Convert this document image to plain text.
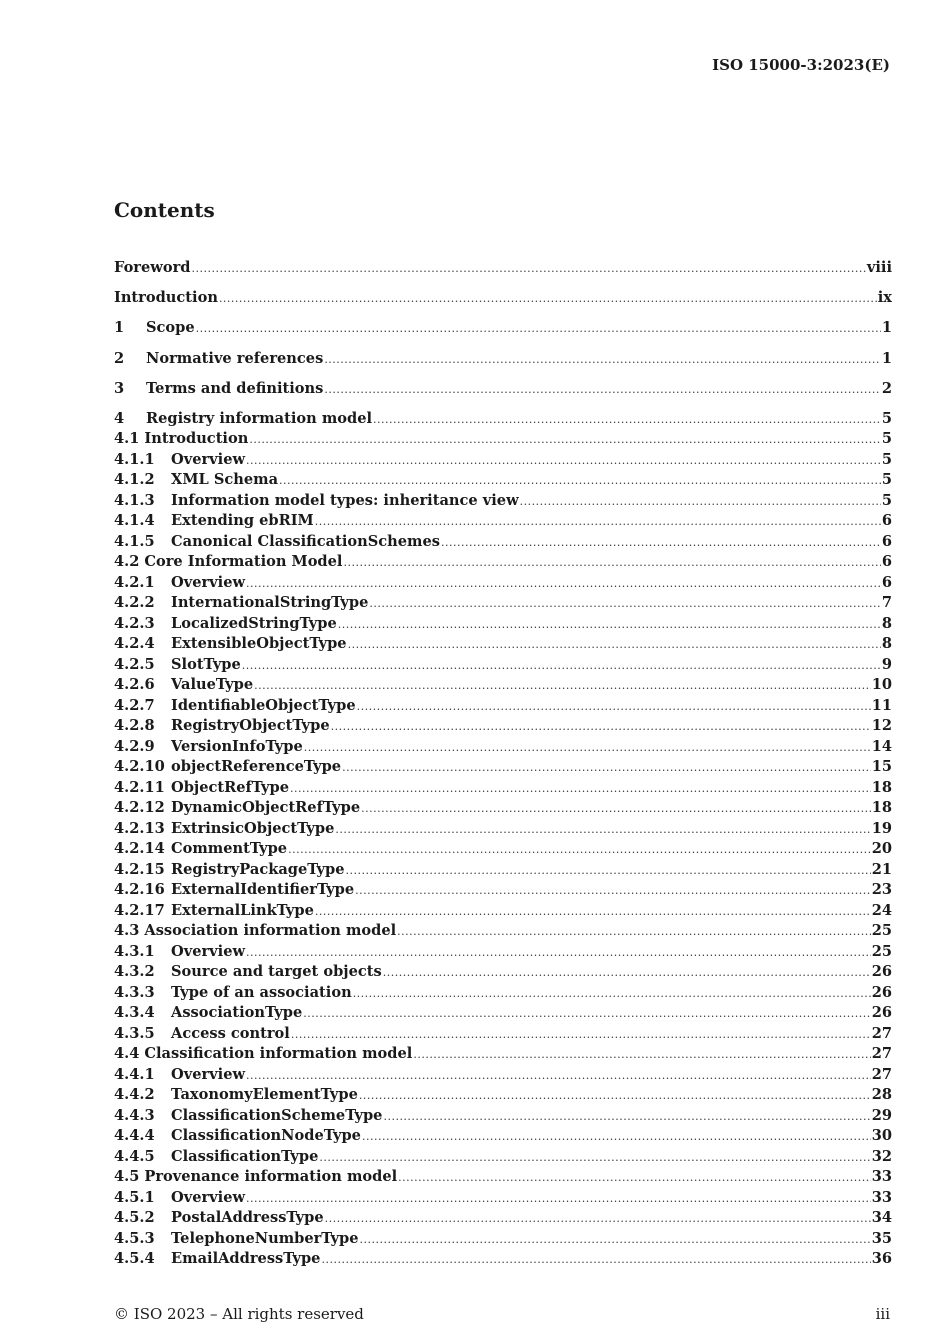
ISO 15000-3:2023(E)
Contents
Foreword .....	viii
Introduction .....	ix
1	Scope .....	1
2	Normative references .....	1
3	Terms and definitions .....	2
4	Registry information model .....	5
4.1 Introduction .....	5
4.1.1	Overview .....	5
4.1.2	XML Schema .....	5
4.1.3	Information model types: inheritance view .....	5
4.1.4	Extending ebRIM .....	6
4.1.5	Canonical ClassificationSchemes .....	6
4.2 Core Information Model .....	6
4.2.1	Overview .....	6
4.2.2	InternationalStringType .....	7
4.2.3	LocalizedStringType .....	8
4.2.4	ExtensibleObjectType .....	8
4.2.5	SlotType .....	9
4.2.6	ValueType .....	10
4.2.7	IdentifiableObjectType .....	11
4.2.8	RegistryObjectType .....	12
4.2.9	VersionInfoType .....	14
4.2.10 objectReferenceType .....	15
4.2.11 ObjectRefType .....	18
4.2.12 DynamicObjectRefType .....	18
4.2.13 ExtrinsicObjectType .....	19
4.2.14 CommentType .....	20
4.2.15 RegistryPackageType .....	21
4.2.16 ExternalIdentifierType .....	23
4.2.17 ExternalLinkType .....	24
4.3 Association information model .....	25
4.3.1	Overview .....	25
4.3.2	Source and target objects .....	26
4.3.3	Type of an association .....	26
4.3.4	AssociationType .....	26
4.3.5	Access control .....	27
4.4 Classification information model .....	27
4.4.1	Overview .....	27
4.4.2	TaxonomyElementType .....	28
4.4.3	ClassificationSchemeType .....	29
4.4.4	ClassificationNodeType .....	30
4.4.5	ClassificationType .....	32
4.5 Provenance information model .....	33
4.5.1	Overview .....	33
4.5.2	PostalAddressType .....	34
4.5.3	TelephoneNumberType .....	35
4.5.4	EmailAddressType .....	36
© ISO 2023 – All rights reserved	iii
